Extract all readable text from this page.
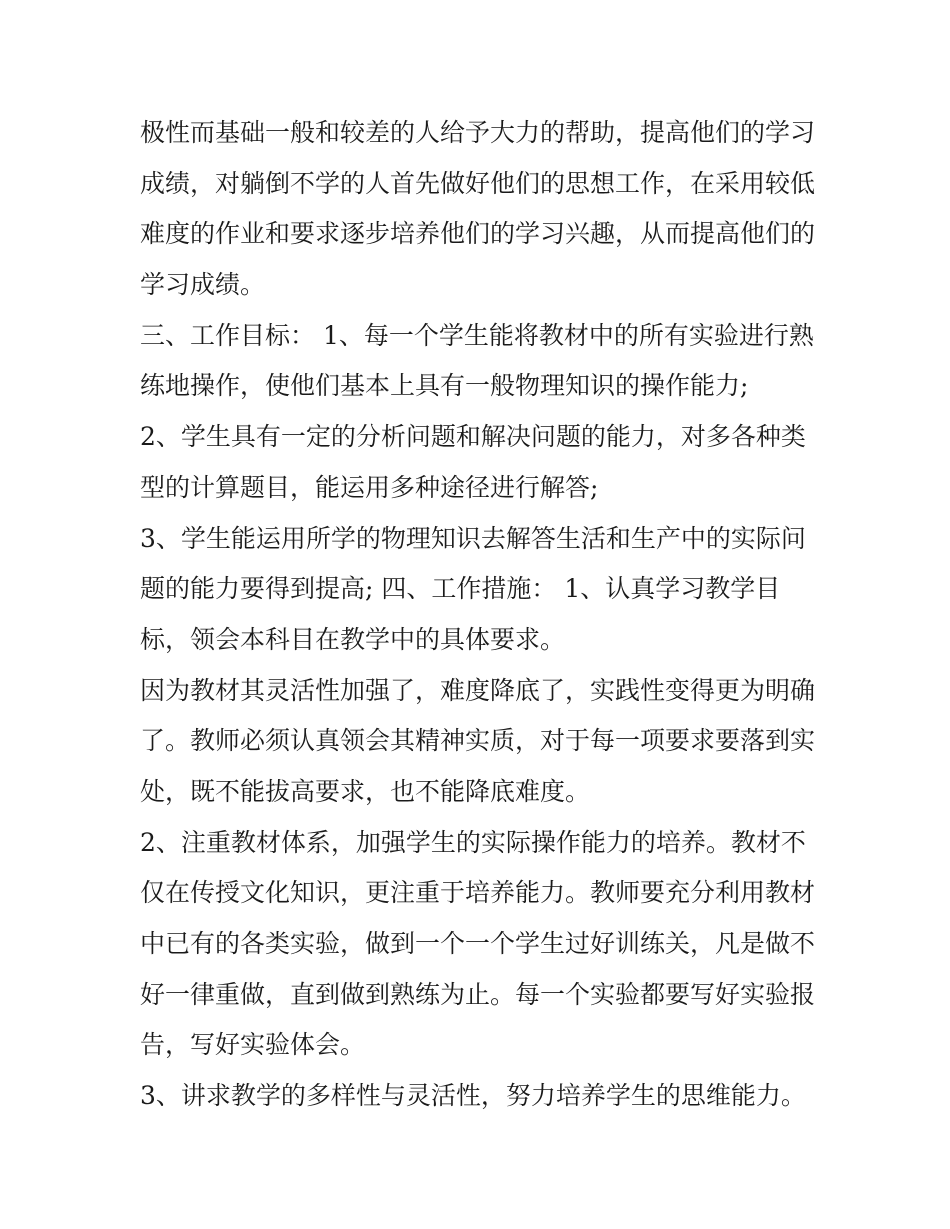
极性而基础一般和较差的人给予大力的帮助，提高他们的学习
成绩，对躺倒不学的人首先做好他们的思想工作，在采用较低
难度的作业和要求逐步培养他们的学习兴趣，从而提高他们的
学习成绩。
三、工作目标： 1、每一个学生能将教材中的所有实验进行熟
练地操作，使他们基本上具有一般物理知识的操作能力;
2、学生具有一定的分析问题和解决问题的能力，对多各种类
型的计算题目，能运用多种途径进行解答;
3、学生能运用所学的物理知识去解答生活和生产中的实际问
题的能力要得到提高; 四、工作措施： 1、认真学习教学目
标，领会本科目在教学中的具体要求。
因为教材其灵活性加强了，难度降底了，实践性变得更为明确
了。教师必须认真领会其精神实质，对于每一项要求要落到实
处，既不能拔高要求，也不能降底难度。
2、注重教材体系，加强学生的实际操作能力的培养。教材不
仅在传授文化知识，更注重于培养能力。教师要充分利用教材
中已有的各类实验，做到一个一个学生过好训练关，凡是做不
好一律重做，直到做到熟练为止。每一个实验都要写好实验报
告，写好实验体会。
3、讲求教学的多样性与灵活性，努力培养学生的思维能力。
